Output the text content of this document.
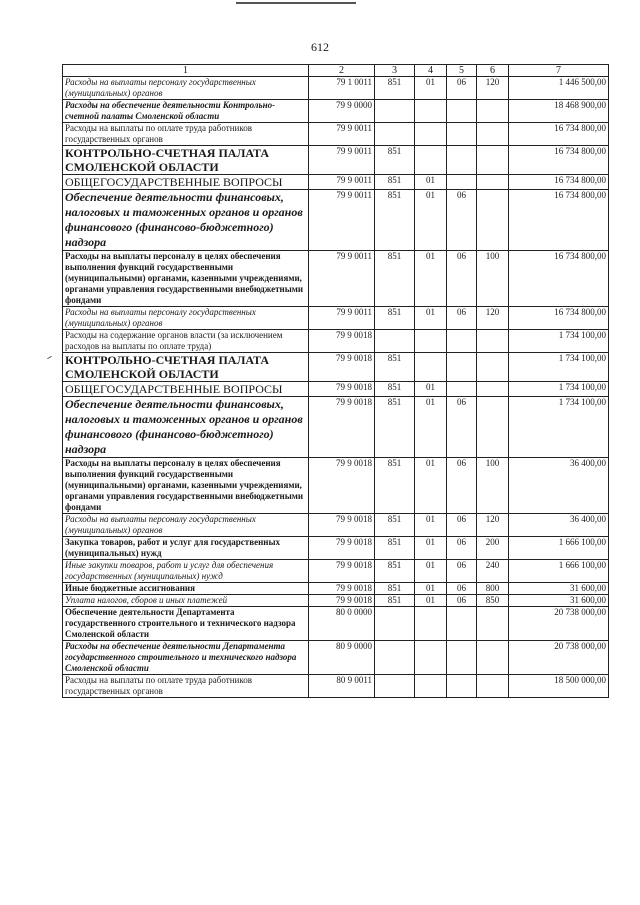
612
1	2	3	4	5	6	7
Расходы на выплаты персоналу государственных (муниципальных) органов	79 1 0011	851	01	06	120	1 446 500,00
Расходы на обеспечение деятельности Контрольно-счетной палаты Смоленской области	79 9 0000					18 468 900,00
Расходы на выплаты по оплате труда работников государственных органов	79 9 0011					16 734 800,00
КОНТРОЛЬНО-СЧЕТНАЯ ПАЛАТА СМОЛЕНСКОЙ ОБЛАСТИ	79 9 0011	851				16 734 800,00
ОБЩЕГОСУДАРСТВЕННЫЕ ВОПРОСЫ	79 9 0011	851	01			16 734 800,00
Обеспечение деятельности финансовых, налоговых и таможенных органов и органов финансового (финансово-бюджетного) надзора	79 9 0011	851	01	06		16 734 800,00
Расходы на выплаты персоналу в целях обеспечения выполнения функций государственными (муниципальными) органами, казенными учреждениями, органами управления государственными внебюджетными фондами	79 9 0011	851	01	06	100	16 734 800,00
Расходы на выплаты персоналу государственных (муниципальных) органов	79 9 0011	851	01	06	120	16 734 800,00
Расходы на содержание органов власти (за исключением расходов на выплаты по оплате труда)	79 9 0018					1 734 100,00
КОНТРОЛЬНО-СЧЕТНАЯ ПАЛАТА СМОЛЕНСКОЙ ОБЛАСТИ	79 9 0018	851				1 734 100,00
ОБЩЕГОСУДАРСТВЕННЫЕ ВОПРОСЫ	79 9 0018	851	01			1 734 100,00
Обеспечение деятельности финансовых, налоговых и таможенных органов и органов финансового (финансово-бюджетного) надзора	79 9 0018	851	01	06		1 734 100,00
Расходы на выплаты персоналу в целях обеспечения выполнения функций государственными (муниципальными) органами, казенными учреждениями, органами управления государственными внебюджетными фондами	79 9 0018	851	01	06	100	36 400,00
Расходы на выплаты персоналу государственных (муниципальных) органов	79 9 0018	851	01	06	120	36 400,00
Закупка товаров, работ и услуг для государственных (муниципальных) нужд	79 9 0018	851	01	06	200	1 666 100,00
Иные закупки товаров, работ и услуг для обеспечения государственных (муниципальных) нужд	79 9 0018	851	01	06	240	1 666 100,00
Иные бюджетные ассигнования	79 9 0018	851	01	06	800	31 600,00
Уплата налогов, сборов и иных платежей	79 9 0018	851	01	06	850	31 600,00
Обеспечение деятельности Департамента государственного строительного и технического надзора Смоленской области	80 0 0000					20 738 000,00
Расходы на обеспечение деятельности Департамента государственного строительного и технического надзора Смоленской области	80 9 0000					20 738 000,00
Расходы на выплаты по оплате труда работников государственных органов	80 9 0011					18 500 000,00
